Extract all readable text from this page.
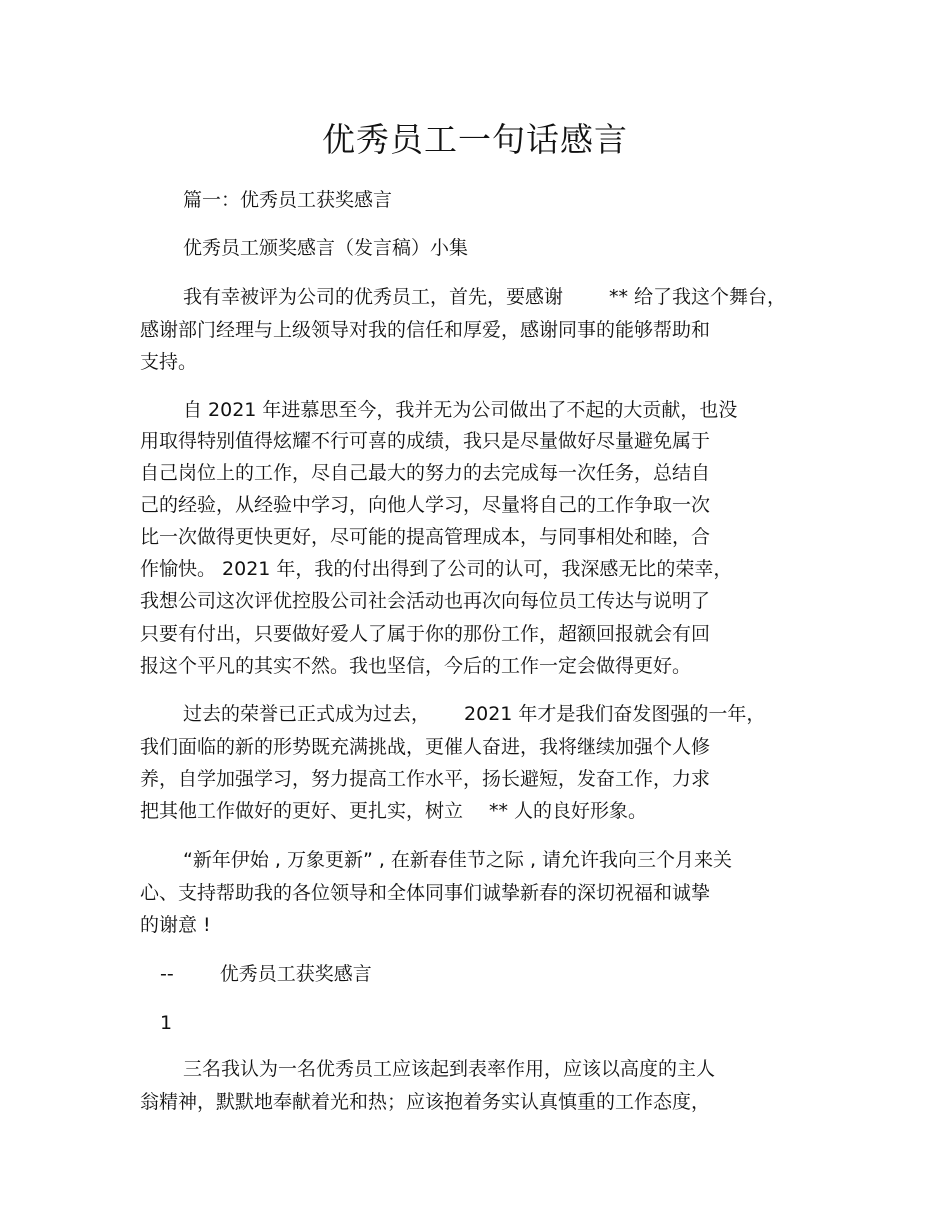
优秀员工一句话感言
篇一：优秀员工获奖感言
优秀员工颁奖感言（发言稿）小集
我有幸被评为公司的优秀员工，首先，要感谢 ** 给了我这个舞台，
感谢部门经理与上级领导对我的信任和厚爱，感谢同事的能够帮助和
支持。
自 2021 年进慕思至今，我并无为公司做出了不起的大贡献，也没
用取得特别值得炫耀不行可喜的成绩，我只是尽量做好尽量避免属于
自己岗位上的工作，尽自己最大的努力的去完成每一次任务，总结自
己的经验，从经验中学习，向他人学习，尽量将自己的工作争取一次
比一次做得更快更好，尽可能的提高管理成本，与同事相处和睦，合
作愉快。 2021 年，我的付出得到了公司的认可，我深感无比的荣幸，
我想公司这次评优控股公司社会活动也再次向每位员工传达与说明了
只要有付出，只要做好爱人了属于你的那份工作，超额回报就会有回
报这个平凡的其实不然。我也坚信，今后的工作一定会做得更好。
过去的荣誉已正式成为过去， 2021 年才是我们奋发图强的一年，
我们面临的新的形势既充满挑战，更催人奋进，我将继续加强个人修
养，自学加强学习，努力提高工作水平，扬长避短，发奋工作，力求
把其他工作做好的更好、更扎实，树立 ** 人的良好形象。
“新年伊始 , 万象更新” , 在新春佳节之际 , 请允许我向三个月来关
心、支持帮助我的各位领导和全体同事们诚挚新春的深切祝福和诚挚
的谢意 !
-- 优秀员工获奖感言
1
三名我认为一名优秀员工应该起到表率作用，应该以高度的主人
翁精神，默默地奉献着光和热；应该抱着务实认真慎重的工作态度，
